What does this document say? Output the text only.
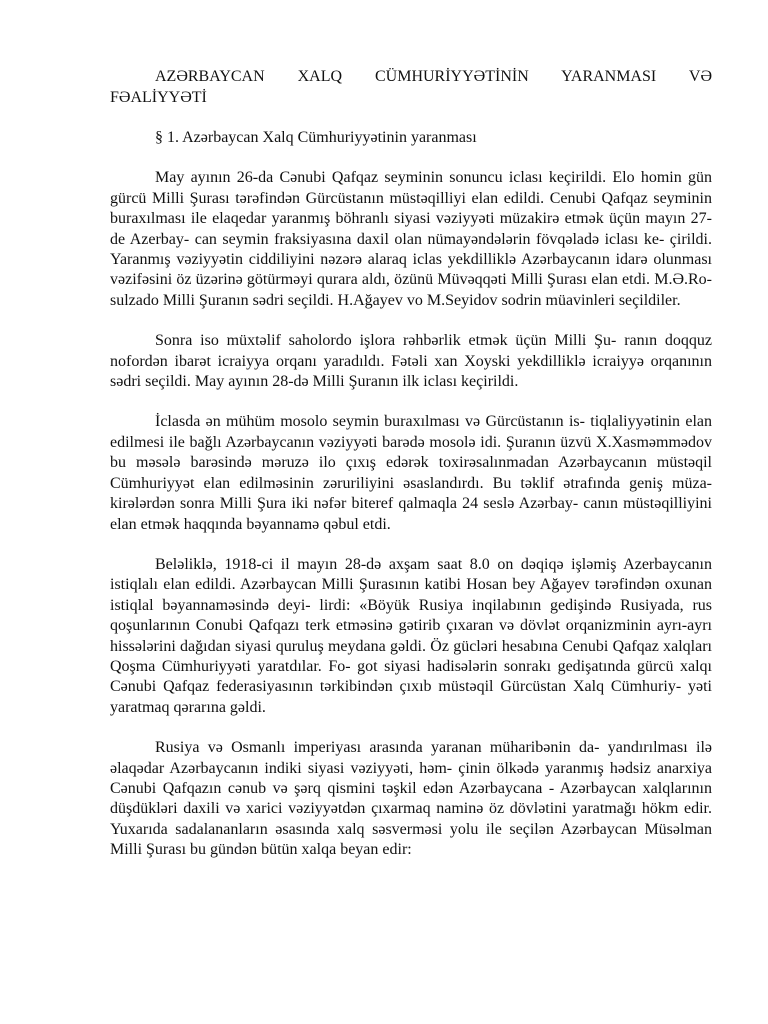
AZƏRBAYCAN XALQ CÜMHURİYYƏTİNİN YARANMASI VƏ FƏALİYYƏTİ
§ 1. Azərbaycan Xalq Cümhuriyyətinin yaranması

May ayının 26-da Cənubi Qafqaz seyminin sonuncu iclası keçirildi. Elo homin gün gürcü Milli Şurası tərəfindən Gürcüstanın müstəqilliyi elan edildi. Cenubi Qafqaz seyminin buraxılması ile elaqedar yaranmış böhranlı siyasi vəziyyəti müzakirə etmək üçün mayın 27-de Azerbay- can seymin fraksiyasına daxil olan nümayəndələrin fövqəladə iclası ke- çirildi. Yaranmış vəziyyətin ciddiliyini nəzərə alaraq iclas yekdilliklə Azərbaycanın idarə olunması vəzifəsini öz üzərinə götürməyi qurara aldı, özünü Müvəqqəti Milli Şurası elan etdi. M.Ə.Ro- sulzado Milli Şuranın sədri seçildi. H.Ağayev vo M.Seyidov sodrin müavinleri seçildiler.

Sonra iso müxtəlif saholordo işlora rəhbərlik etmək üçün Milli Şu- ranın doqquz nofordən ibarət icraiyya orqanı yaradıldı. Fətəli xan Xoyski yekdilliklə icraiyyə orqanının sədri seçildi. May ayının 28-də Milli Şuranın ilk iclası keçirildi.

İclasda ən mühüm mosolo seymin buraxılması və Gürcüstanın is- tiqlaliyyətinin elan edilmesi ile bağlı Azərbaycanın vəziyyəti barədə mosolə idi. Şuranın üzvü X.Xasməmmədov bu məsələ barəsində məruzə ilo çıxış edərək toxirəsalınmadan Azərbaycanın müstəqil Cümhuriyyət elan edilməsinin zəruriliyini əsaslandırdı. Bu təklif ətrafında geniş müza- kirələrdən sonra Milli Şura iki nəfər biteref qalmaqla 24 seslə Azərbay- canın müstəqilliyini elan etmək haqqında bəyannamə qəbul etdi.

Beləliklə, 1918-ci il mayın 28-də axşam saat 8.0 on dəqiqə işləmiş Azerbaycanın istiqlalı elan edildi. Azərbaycan Milli Şurasının katibi Hosan bey Ağayev tərəfindən oxunan istiqlal bəyannaməsində deyi- lirdi: «Böyük Rusiya inqilabının gedişində Rusiyada, rus qoşunlarının Conubi Qafqazı terk etməsinə gətirib çıxaran və dövlət orqanizminin ayrı-ayrı hissələrini dağıdan siyasi quruluş meydana gəldi. Öz gücləri hesabına Cenubi Qafqaz xalqları Qoşma Cümhuriyyəti yaratdılar. Fo- got siyasi hadisələrin sonrakı gedişatında gürcü xalqı Cənubi Qafqaz federasiyasının tərkibindən çıxıb müstəqil Gürcüstan Xalq Cümhuriy- yəti yaratmaq qərarına gəldi.

Rusiya və Osmanlı imperiyası arasında yaranan müharibənin da- yandırılması ilə əlaqədar Azərbaycanın indiki siyasi vəziyyəti, həm- çinin ölkədə yaranmış hədsiz anarxiya Cənubi Qafqazın cənub və şərq qismini təşkil edən Azərbaycana - Azərbaycan xalqlarının düşdükləri daxili və xarici vəziyyətdən çıxarmaq naminə öz dövlətini yaratmağı hökm edir. Yuxarıda sadalananların əsasında xalq səsverməsi yolu ile seçilən Azərbaycan Müsəlman Milli Şurası bu gündən bütün xalqa beyan edir:
